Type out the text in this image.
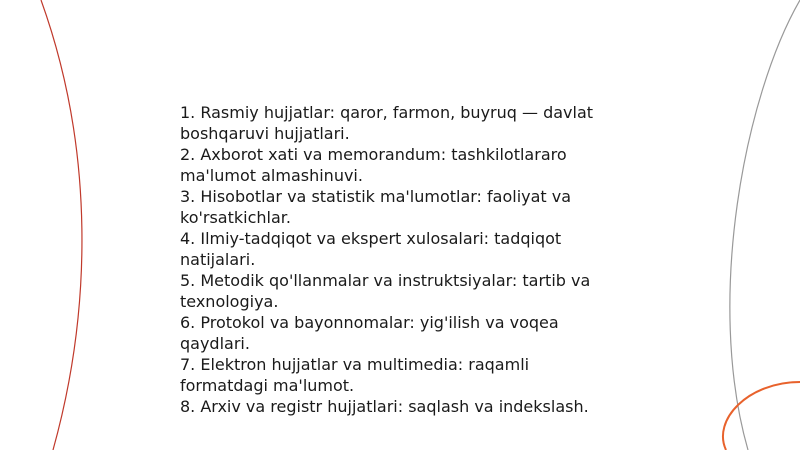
1. Rasmiy hujjatlar: qaror, farmon, buyruq — davlat boshqaruvi hujjatlari.
2. Axborot xati va memorandum: tashkilotlararo ma'lumot almashinuvi.
3. Hisobotlar va statistik ma'lumotlar: faoliyat va ko'rsatkichlar.
4. Ilmiy-tadqiqot va ekspert xulosalari: tadqiqot natijalari.
5. Metodik qo'llanmalar va instruktsiyalar: tartib va texnologiya.
6. Protokol va bayonnomalar: yig'ilish va voqea qaydlari.
7. Elektron hujjatlar va multimedia: raqamli formatdagi ma'lumot.
8. Arxiv va registr hujjatlari: saqlash va indekslash.
